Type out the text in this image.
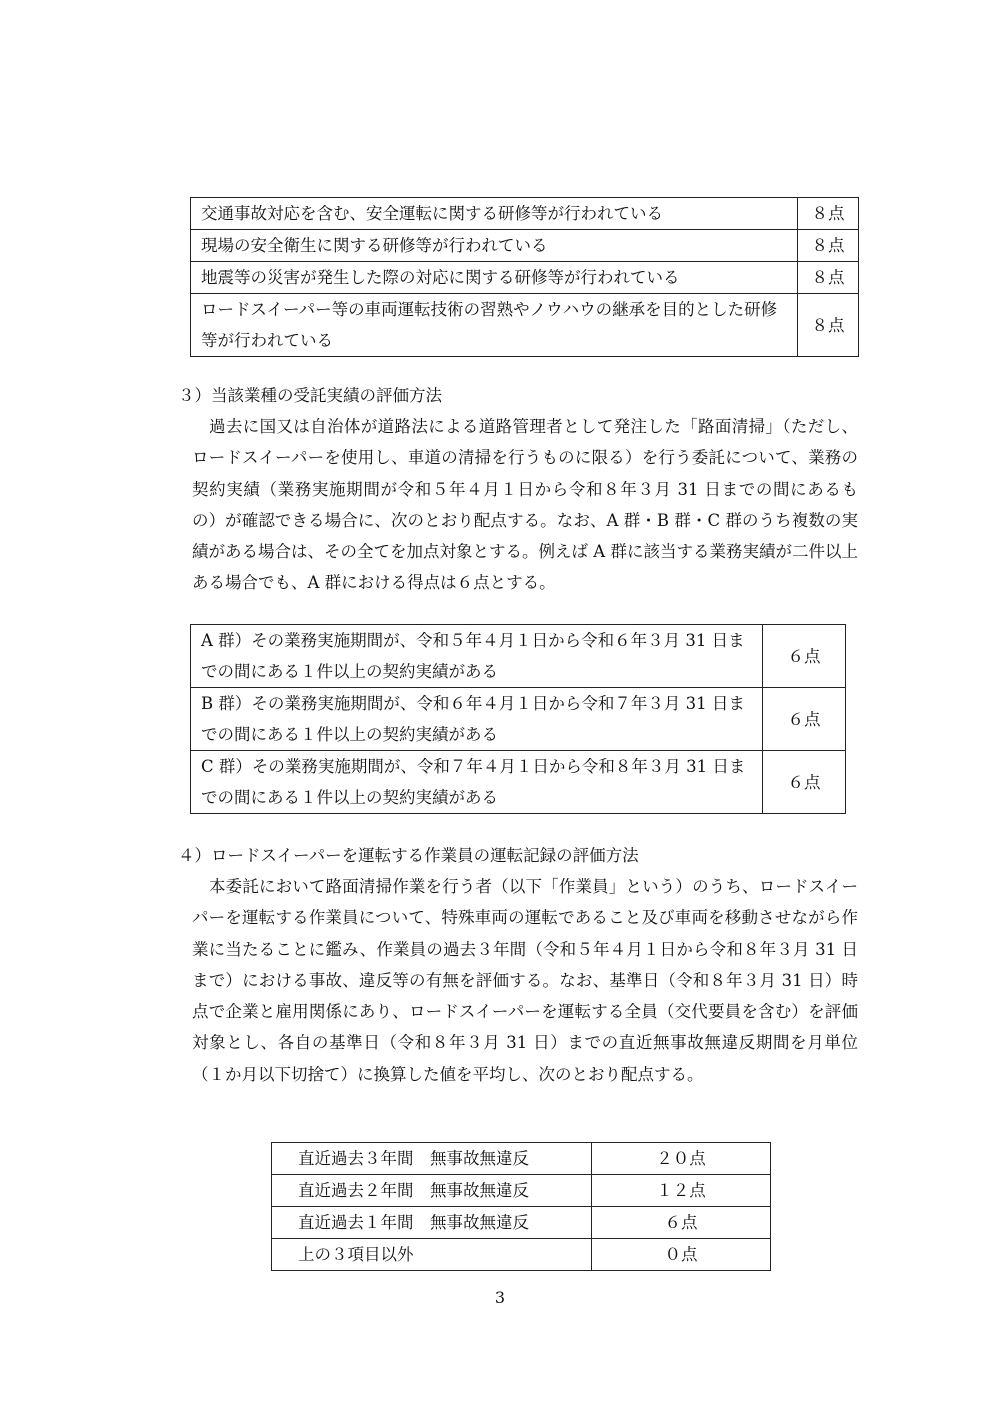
交通事故対応を含む、安全運転に関する研修等が行われている	８点
現場の安全衛生に関する研修等が行われている	８点
地震等の災害が発生した際の対応に関する研修等が行われている	８点
ロードスイーパー等の車両運転技術の習熟やノウハウの継承を目的とした研修等が行われている	８点

３）当該業種の受託実績の評価方法

過去に国又は自治体が道路法による道路管理者として発注した「路面清掃」（ただし、ロードスイーパーを使用し、車道の清掃を行うものに限る）を行う委託について、業務の契約実績（業務実施期間が令和５年４月１日から令和８年３月 31 日までの間にあるもの）が確認できる場合に、次のとおり配点する。なお、A 群・B 群・C 群のうち複数の実績がある場合は、その全てを加点対象とする。例えば A 群に該当する業務実績が二件以上ある場合でも、A 群における得点は６点とする。

A 群）その業務実施期間が、令和５年４月１日から令和６年３月 31 日までの間にある１件以上の契約実績がある	６点
B 群）その業務実施期間が、令和６年４月１日から令和７年３月 31 日までの間にある１件以上の契約実績がある	６点
C 群）その業務実施期間が、令和７年４月１日から令和８年３月 31 日までの間にある１件以上の契約実績がある	６点

４）ロードスイーパーを運転する作業員の運転記録の評価方法

本委託において路面清掃作業を行う者（以下「作業員」という）のうち、ロードスイーパーを運転する作業員について、特殊車両の運転であること及び車両を移動させながら作業に当たることに鑑み、作業員の過去３年間（令和５年４月１日から令和８年３月 31 日まで）における事故、違反等の有無を評価する。なお、基準日（令和８年３月 31 日）時点で企業と雇用関係にあり、ロードスイーパーを運転する全員（交代要員を含む）を評価対象とし、各自の基準日（令和８年３月 31 日）までの直近無事故無違反期間を月単位（１か月以下切捨て）に換算した値を平均し、次のとおり配点する。

直近過去３年間　無事故無違反	２０点
直近過去２年間　無事故無違反	１２点
直近過去１年間　無事故無違反	６点
上の３項目以外	０点
3
